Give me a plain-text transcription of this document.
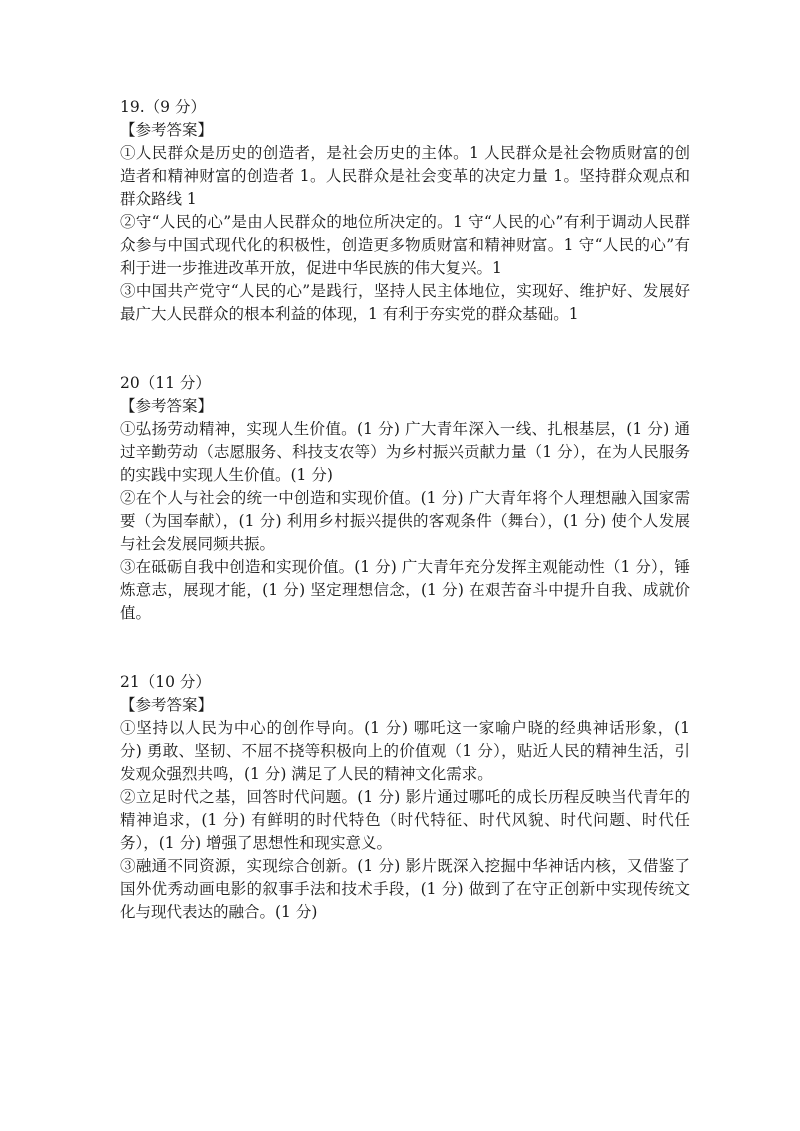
19.（9 分）
【参考答案】
①人民群众是历史的创造者，是社会历史的主体。1 人民群众是社会物质财富的创造者和精神财富的创造者 1。人民群众是社会变革的决定力量 1。坚持群众观点和群众路线 1
②守“人民的心”是由人民群众的地位所决定的。1 守“人民的心”有利于调动人民群众参与中国式现代化的积极性，创造更多物质财富和精神财富。1 守“人民的心”有利于进一步推进改革开放，促进中华民族的伟大复兴。1
③中国共产党守“人民的心”是践行，坚持人民主体地位，实现好、维护好、发展好最广大人民群众的根本利益的体现，1 有利于夯实党的群众基础。1
20（11 分）
【参考答案】
①弘扬劳动精神，实现人生价值。(1 分) 广大青年深入一线、扎根基层，(1 分) 通过辛勤劳动（志愿服务、科技支农等）为乡村振兴贡献力量（1 分），在为人民服务的实践中实现人生价值。(1 分)
②在个人与社会的统一中创造和实现价值。(1 分) 广大青年将个人理想融入国家需要（为国奉献），(1 分) 利用乡村振兴提供的客观条件（舞台），(1 分) 使个人发展与社会发展同频共振。
③在砥砺自我中创造和实现价值。(1 分) 广大青年充分发挥主观能动性（1 分），锤炼意志，展现才能，(1 分) 坚定理想信念，(1 分) 在艰苦奋斗中提升自我、成就价值。
21（10 分）
【参考答案】
①坚持以人民为中心的创作导向。(1 分) 哪吒这一家喻户晓的经典神话形象，(1 分) 勇敢、坚韧、不屈不挠等积极向上的价值观（1 分），贴近人民的精神生活，引发观众强烈共鸣，(1 分) 满足了人民的精神文化需求。
②立足时代之基，回答时代问题。(1 分) 影片通过哪吒的成长历程反映当代青年的精神追求，(1 分) 有鲜明的时代特色（时代特征、时代风貌、时代问题、时代任务），(1 分) 增强了思想性和现实意义。
③融通不同资源，实现综合创新。(1 分) 影片既深入挖掘中华神话内核，又借鉴了国外优秀动画电影的叙事手法和技术手段，(1 分) 做到了在守正创新中实现传统文化与现代表达的融合。(1 分)
